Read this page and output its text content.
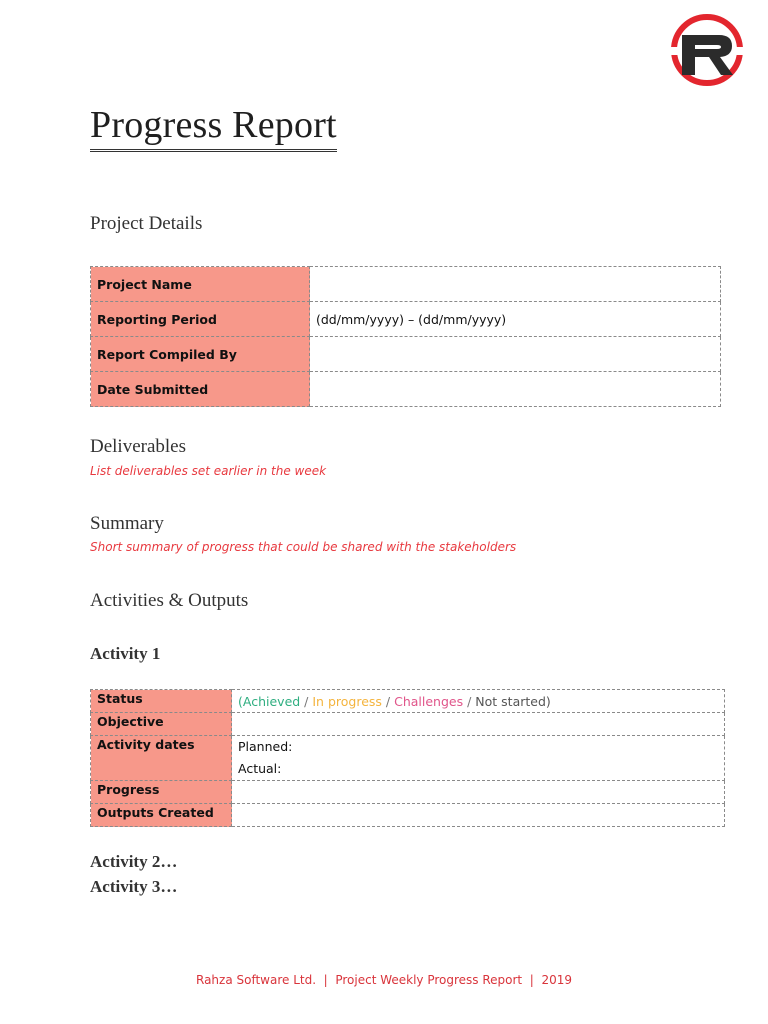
Progress Report
Project Details
Project Name	
Reporting Period	(dd/mm/yyyy) – (dd/mm/yyyy)
Report Compiled By	
Date Submitted	
Deliverables

List deliverables set earlier in the week

Summary

Short summary of progress that could be shared with the stakeholders

Activities & Outputs
Activity 1
Status	(Achieved / In progress / Challenges / Not started)
Objective	
Activity dates	Planned:
Actual:

Progress	
Outputs Created	
Activity 2…
Activity 3…
Rahza Software Ltd.  |  Project Weekly Progress Report  |  2019
